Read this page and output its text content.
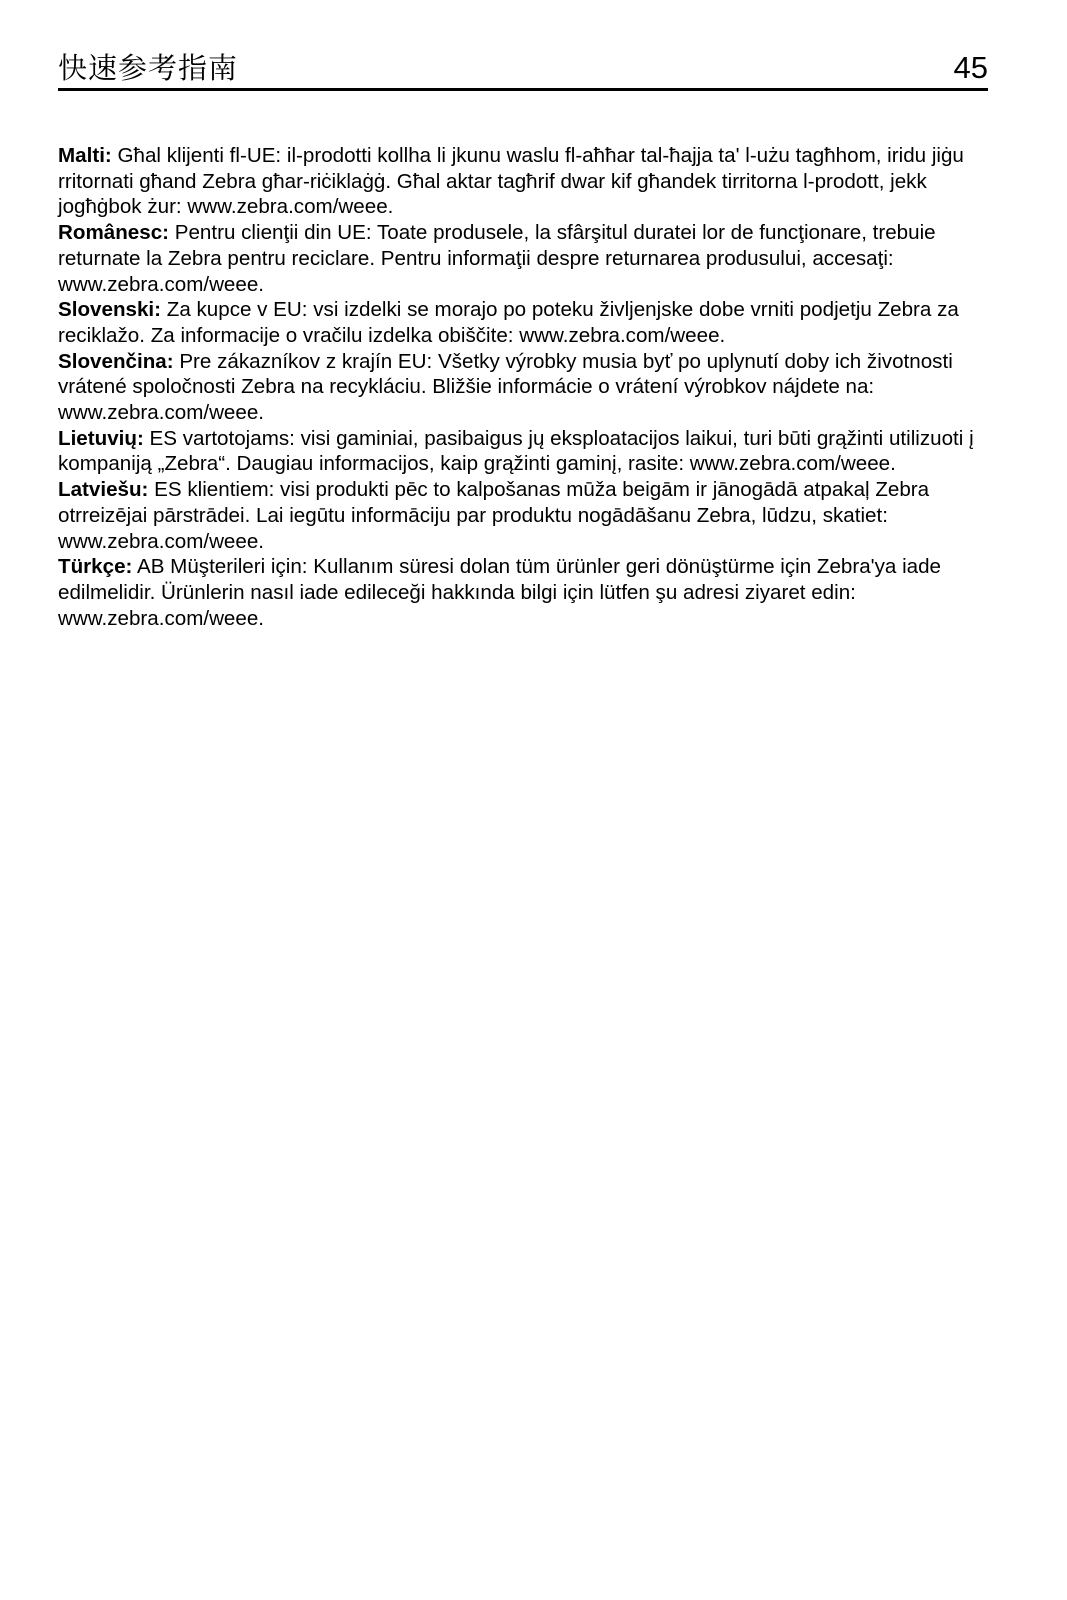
快速参考指南	45

Malti: Għal klijenti fl-UE: il-prodotti kollha li jkunu waslu fl-aħħar tal-ħajja ta' l-użu tagħhom, iridu jiġu rritornati għand Zebra għar-riċiklaġġ. Għal aktar tagħrif dwar kif għandek tirritorna l-prodott, jekk jogħġbok żur: www.zebra.com/weee.

Românesc: Pentru clienţii din UE: Toate produsele, la sfârşitul duratei lor de funcţionare, trebuie returnate la Zebra pentru reciclare. Pentru informaţii despre returnarea produsului, accesaţi: www.zebra.com/weee.

Slovenski: Za kupce v EU: vsi izdelki se morajo po poteku življenjske dobe vrniti podjetju Zebra za reciklažo. Za informacije o vračilu izdelka obiščite: www.zebra.com/weee.

Slovenčina: Pre zákazníkov z krajín EU: Všetky výrobky musia byť po uplynutí doby ich životnosti vrátené spoločnosti Zebra na recykláciu. Bližšie informácie o vrátení výrobkov nájdete na: www.zebra.com/weee.

Lietuvių: ES vartotojams: visi gaminiai, pasibaigus jų eksploatacijos laikui, turi būti grąžinti utilizuoti į kompaniją „Zebra“. Daugiau informacijos, kaip grąžinti gaminį, rasite: www.zebra.com/weee.

Latviešu: ES klientiem: visi produkti pēc to kalpošanas mūža beigām ir jānogādā atpakaļ Zebra otrreizējai pārstrādei. Lai iegūtu informāciju par produktu nogādāšanu Zebra, lūdzu, skatiet: www.zebra.com/weee.

Türkçe: AB Müşterileri için: Kullanım süresi dolan tüm ürünler geri dönüştürme için Zebra'ya iade edilmelidir. Ürünlerin nasıl iade edileceği hakkında bilgi için lütfen şu adresi ziyaret edin: www.zebra.com/weee.
